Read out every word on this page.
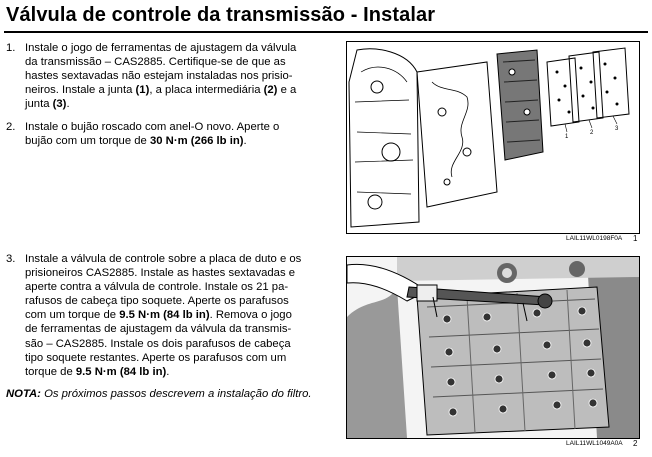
Válvula de controle da transmissão - Instalar
1. Instale o jogo de ferramentas de ajustagem da válvula
da transmissão – CAS2885. Certifique-se de que as
hastes sextavadas não estejam instaladas nos prisio-
neiros. Instale a junta (1), a placa intermediária (2) e a
junta (3).
2. Instale o bujão roscado com anel-O novo. Aperte o
bujão com um torque de 30 N·m (266 lb in).
3. Instale a válvula de controle sobre a placa de duto e os
prisioneiros CAS2885. Instale as hastes sextavadas e
aperte contra a válvula de controle. Instale os 21 pa-
rafusos de cabeça tipo soquete. Aperte os parafusos
com um torque de 9.5 N·m (84 lb in). Remova o jogo
de ferramentas de ajustagem da válvula da transmis-
são – CAS2885. Instale os dois parafusos de cabeça
tipo soquete restantes. Aperte os parafusos com um
torque de 9.5 N·m (84 lb in).
NOTA: Os próximos passos descrevem a instalação do filtro.
1
2
3
LAIL11WL0198F0A 1
LAIL11WL1049A0A 2
